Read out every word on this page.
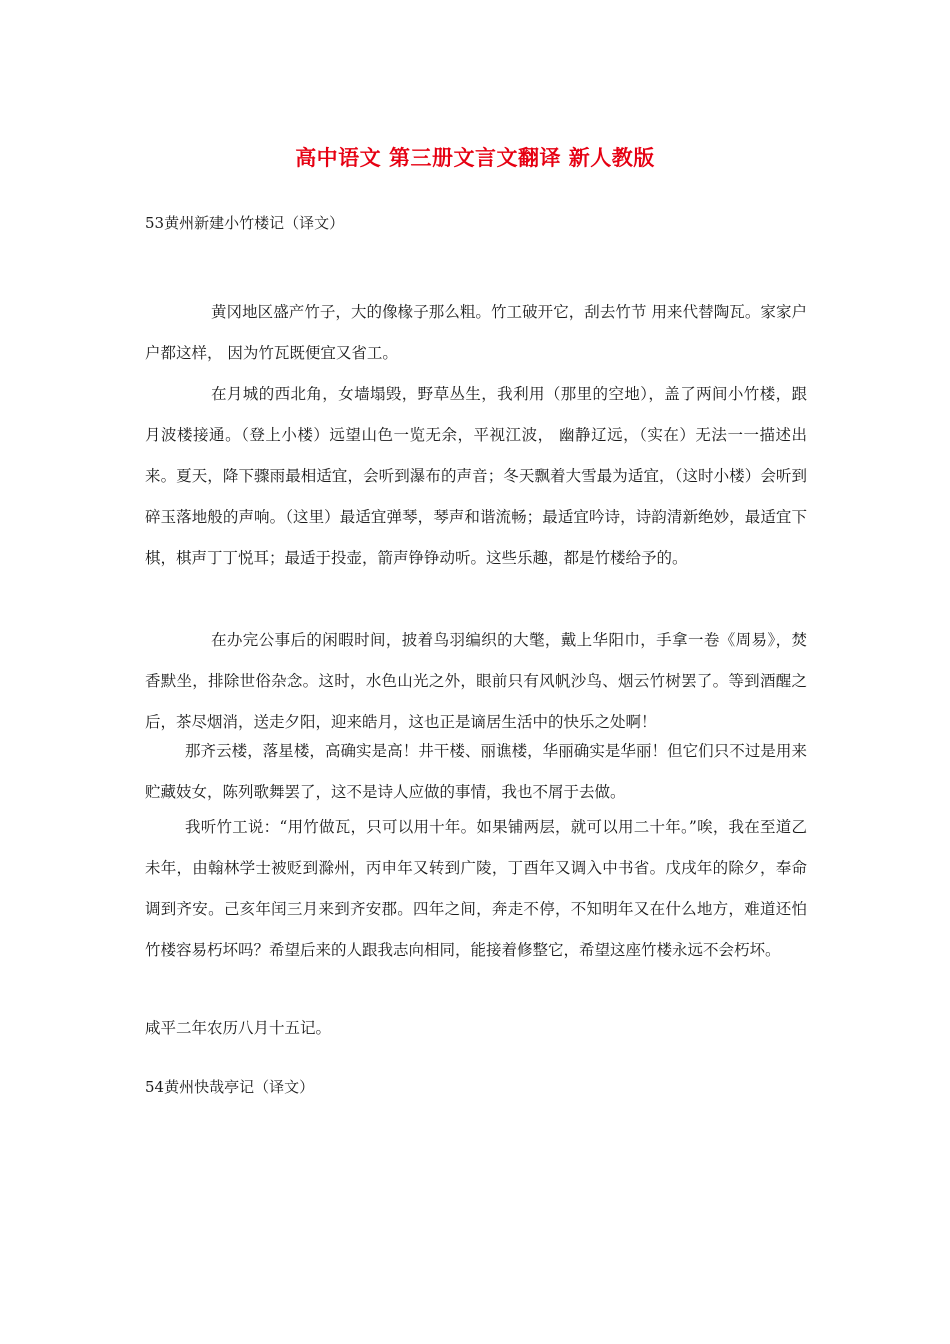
高中语文 第三册文言文翻译 新人教版
53黄州新建小竹楼记（译文）

黄冈地区盛产竹子，大的像椽子那么粗。竹工破开它，刮去竹节 用来代替陶瓦。家家户户都这样， 因为竹瓦既便宜又省工。

在月城的西北角，女墙塌毁，野草丛生，我利用（那里的空地），盖了两间小竹楼，跟月波楼接通。（登上小楼）远望山色一览无余，平视江波， 幽静辽远，（实在）无法一一描述出来。夏天，降下骤雨最相适宜，会听到瀑布的声音；冬天飘着大雪最为适宜，（这时小楼）会听到碎玉落地般的声响。（这里）最适宜弹琴，琴声和谐流畅；最适宜吟诗，诗韵清新绝妙，最适宜下棋，棋声丁丁悦耳；最适于投壶，箭声铮铮动听。这些乐趣，都是竹楼给予的。

在办完公事后的闲暇时间，披着鸟羽编织的大氅，戴上华阳巾，手拿一卷《周易》，焚香默坐，排除世俗杂念。这时，水色山光之外，眼前只有风帆沙鸟、烟云竹树罢了。等到酒醒之后，茶尽烟消，送走夕阳，迎来皓月，这也正是谪居生活中的快乐之处啊！

那齐云楼，落星楼，高确实是高！井干楼、丽谯楼，华丽确实是华丽！但它们只不过是用来贮藏妓女，陈列歌舞罢了，这不是诗人应做的事情，我也不屑于去做。

我听竹工说：“用竹做瓦，只可以用十年。如果铺两层，就可以用二十年。”唉，我在至道乙未年，由翰林学士被贬到滁州，丙申年又转到广陵，丁酉年又调入中书省。戊戌年的除夕，奉命调到齐安。己亥年闰三月来到齐安郡。四年之间，奔走不停，不知明年又在什么地方，难道还怕竹楼容易朽坏吗？希望后来的人跟我志向相同，能接着修整它，希望这座竹楼永远不会朽坏。

咸平二年农历八月十五记。
54黄州快哉亭记（译文）
